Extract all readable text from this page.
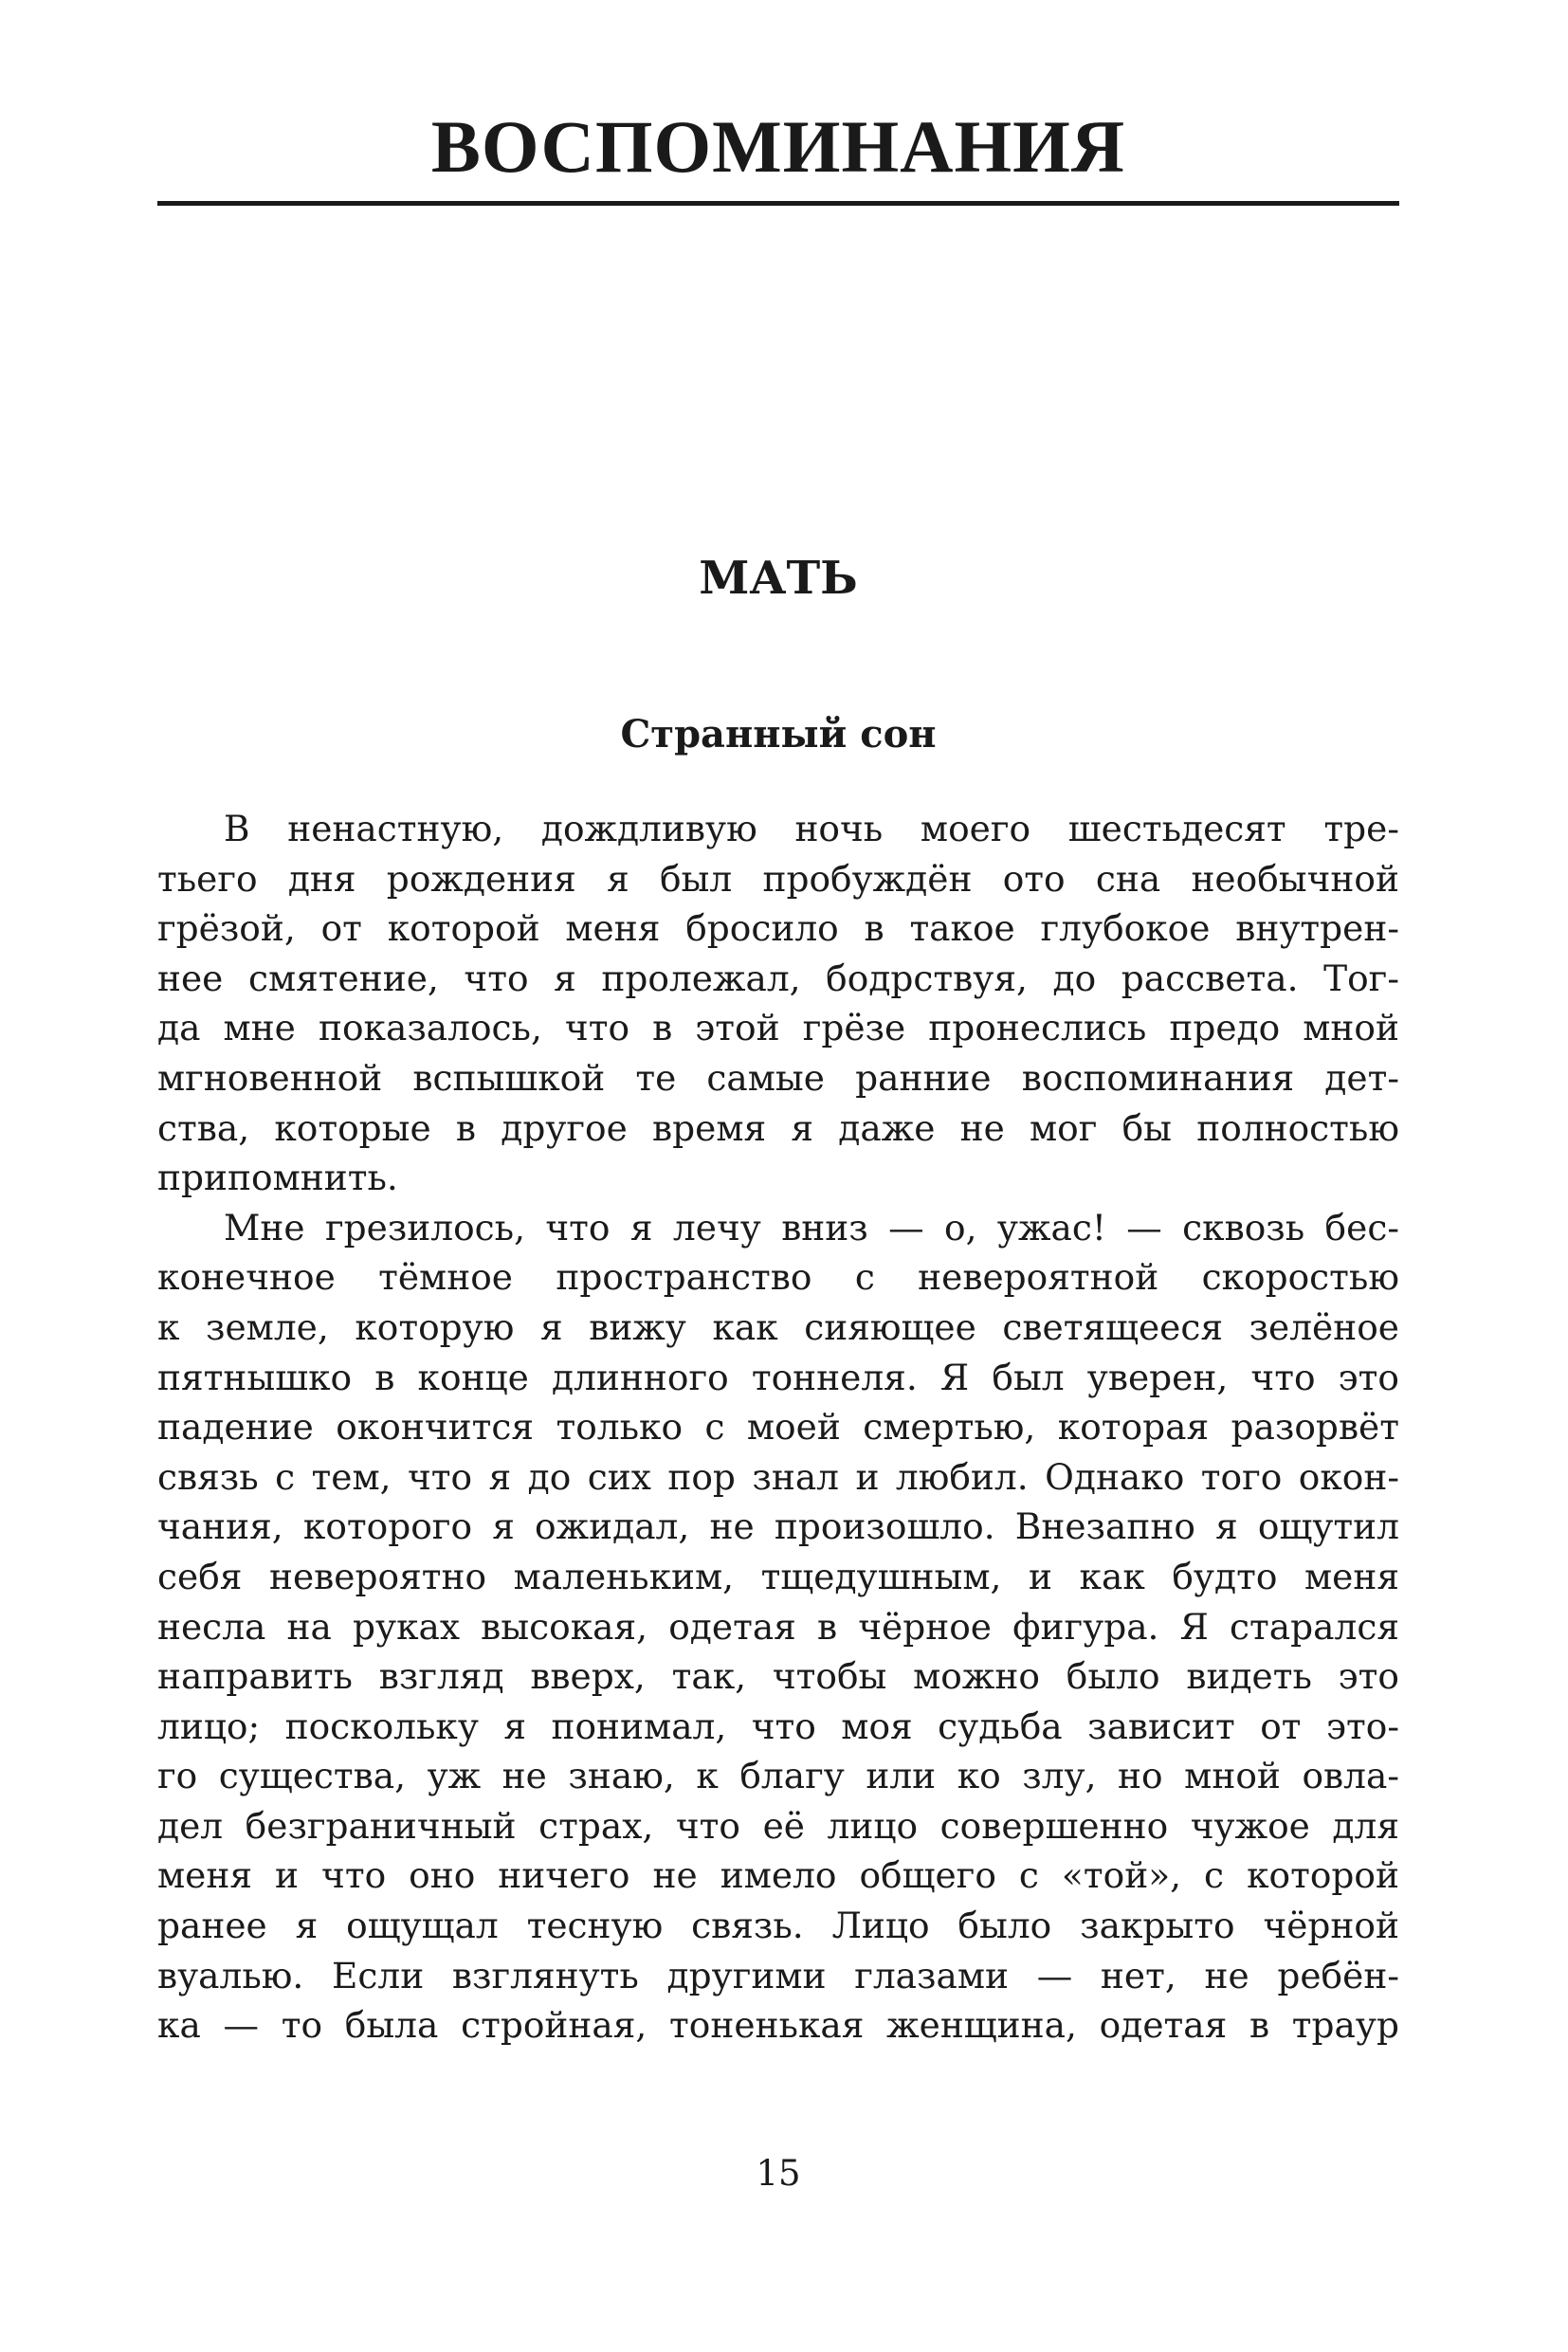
ВОСПОМИНАНИЯ
МАТЬ
Странный сон
В ненастную, дождливую ночь моего шестьдесят тре-
тьего дня рождения я был пробуждён ото сна необычной
грёзой, от которой меня бросило в такое глубокое внутрен-
нее смятение, что я пролежал, бодрствуя, до рассвета. Тог-
да мне показалось, что в этой грёзе пронеслись предо мной
мгновенной вспышкой те самые ранние воспоминания дет-
ства, которые в другое время я даже не мог бы полностью
припомнить.
Мне грезилось, что я лечу вниз — о, ужас! — сквозь бес-
конечное тёмное пространство с невероятной скоростью
к земле, которую я вижу как сияющее светящееся зелёное
пятнышко в конце длинного тоннеля. Я был уверен, что это
падение окончится только с моей смертью, которая разорвёт
связь с тем, что я до сих пор знал и любил. Однако того окон-
чания, которого я ожидал, не произошло. Внезапно я ощутил
себя невероятно маленьким, тщедушным, и как будто меня
несла на руках высокая, одетая в чёрное фигура. Я старался
направить взгляд вверх, так, чтобы можно было видеть это
лицо; поскольку я понимал, что моя судьба зависит от это-
го существа, уж не знаю, к благу или ко злу, но мной овла-
дел безграничный страх, что её лицо совершенно чужое для
меня и что оно ничего не имело общего с «той», с которой
ранее я ощущал тесную связь. Лицо было закрыто чёрной
вуалью. Если взглянуть другими глазами — нет, не ребён-
ка — то была стройная, тоненькая женщина, одетая в траур
15
